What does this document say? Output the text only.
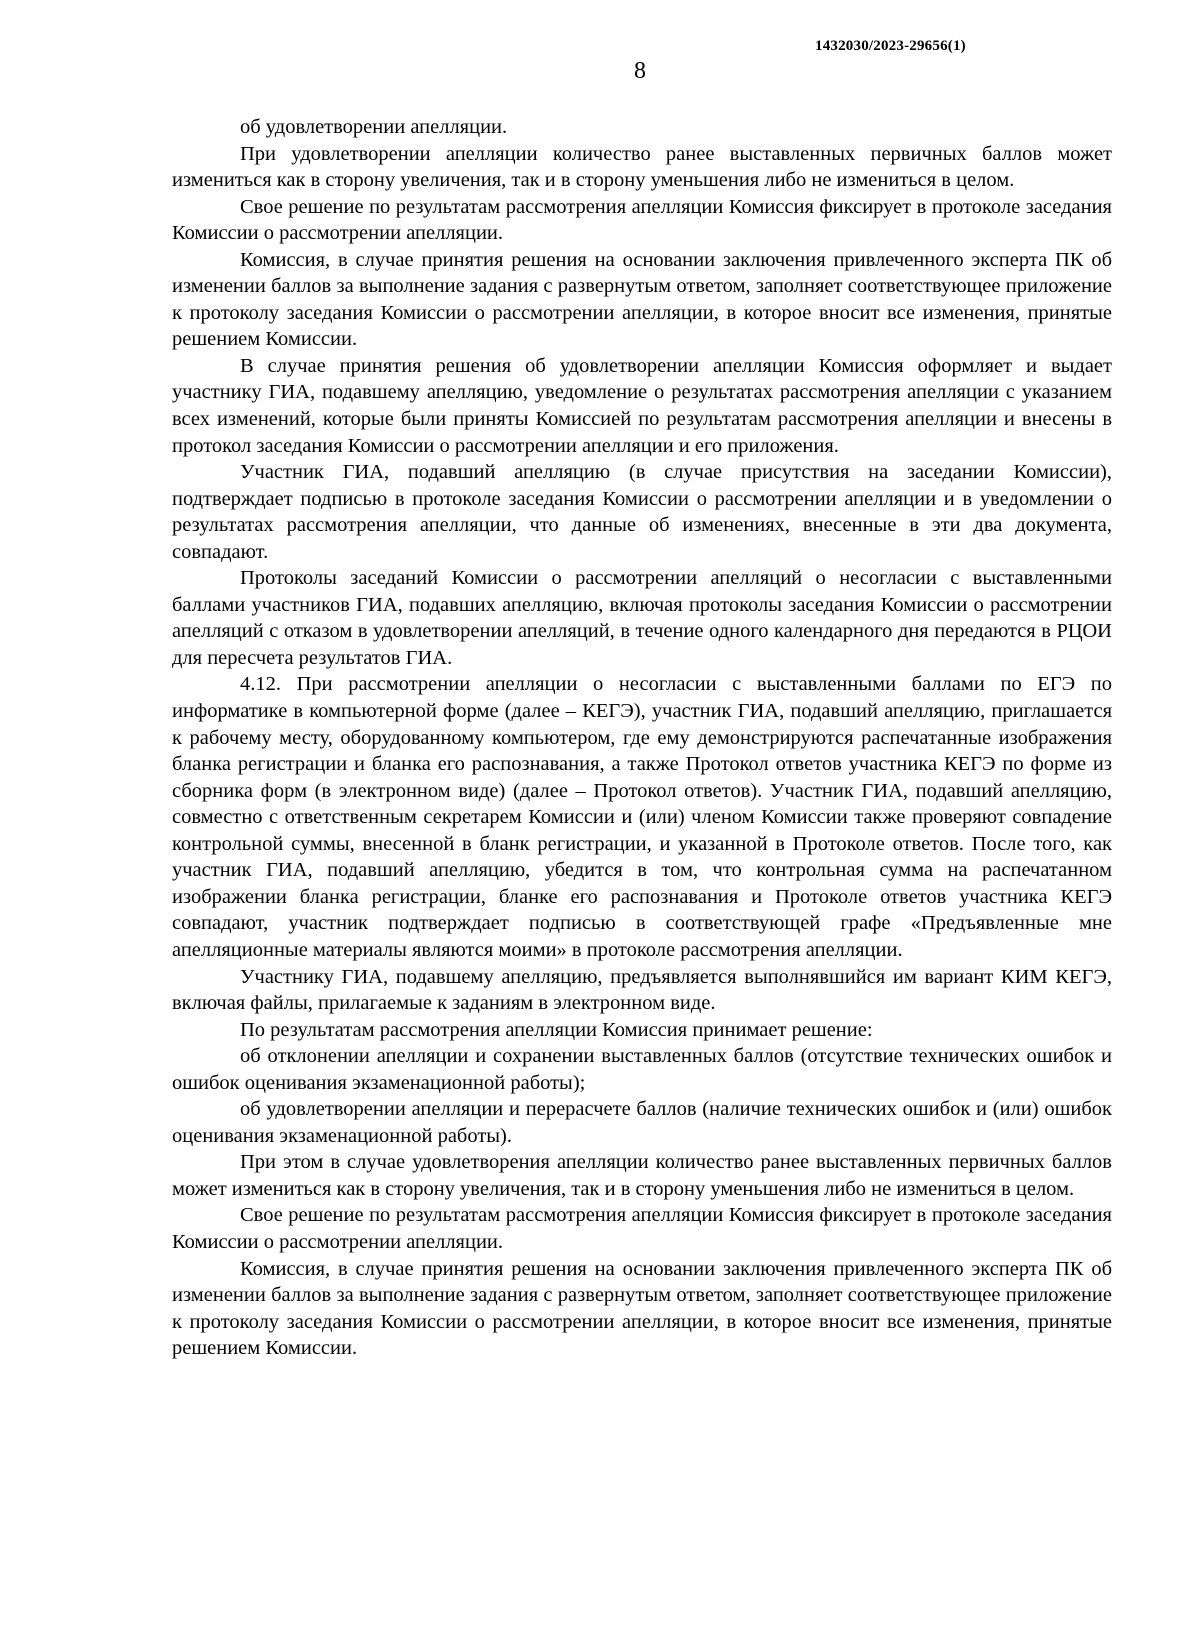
1432030/2023-29656(1)
8

об удовлетворении апелляции.

При удовлетворении апелляции количество ранее выставленных первичных баллов может измениться как в сторону увеличения, так и в сторону уменьшения либо не измениться в целом.

Свое решение по результатам рассмотрения апелляции Комиссия фиксирует в протоколе заседания Комиссии о рассмотрении апелляции.

Комиссия, в случае принятия решения на основании заключения привлеченного эксперта ПК об изменении баллов за выполнение задания с развернутым ответом, заполняет соответствующее приложение к протоколу заседания Комиссии о рассмотрении апелляции, в которое вносит все изменения, принятые решением Комиссии.

В случае принятия решения об удовлетворении апелляции Комиссия оформляет и выдает участнику ГИА, подавшему апелляцию, уведомление о результатах рассмотрения апелляции с указанием всех изменений, которые были приняты Комиссией по результатам рассмотрения апелляции и внесены в протокол заседания Комиссии о рассмотрении апелляции и его приложения.

Участник ГИА, подавший апелляцию (в случае присутствия на заседании Комиссии), подтверждает подписью в протоколе заседания Комиссии о рассмотрении апелляции и в уведомлении о результатах рассмотрения апелляции, что данные об изменениях, внесенные в эти два документа, совпадают.

Протоколы заседаний Комиссии о рассмотрении апелляций о несогласии с выставленными баллами участников ГИА, подавших апелляцию, включая протоколы заседания Комиссии о рассмотрении апелляций с отказом в удовлетворении апелляций, в течение одного календарного дня передаются в РЦОИ для пересчета результатов ГИА.

4.12. При рассмотрении апелляции о несогласии с выставленными баллами по ЕГЭ по информатике в компьютерной форме (далее – КЕГЭ), участник ГИА, подавший апелляцию, приглашается к рабочему месту, оборудованному компьютером, где ему демонстрируются распечатанные изображения бланка регистрации и бланка его распознавания, а также Протокол ответов участника КЕГЭ по форме из сборника форм (в электронном виде) (далее – Протокол ответов). Участник ГИА, подавший апелляцию, совместно с ответственным секретарем Комиссии и (или) членом Комиссии также проверяют совпадение контрольной суммы, внесенной в бланк регистрации, и указанной в Протоколе ответов. После того, как участник ГИА, подавший апелляцию, убедится в том, что контрольная сумма на распечатанном изображении бланка регистрации, бланке его распознавания и Протоколе ответов участника КЕГЭ совпадают, участник подтверждает подписью в соответствующей графе «Предъявленные мне апелляционные материалы являются моими» в протоколе рассмотрения апелляции.

Участнику ГИА, подавшему апелляцию, предъявляется выполнявшийся им вариант КИМ КЕГЭ, включая файлы, прилагаемые к заданиям в электронном виде.

По результатам рассмотрения апелляции Комиссия принимает решение:

об отклонении апелляции и сохранении выставленных баллов (отсутствие технических ошибок и ошибок оценивания экзаменационной работы);

об удовлетворении апелляции и перерасчете баллов (наличие технических ошибок и (или) ошибок оценивания экзаменационной работы).

При этом в случае удовлетворения апелляции количество ранее выставленных первичных баллов может измениться как в сторону увеличения, так и в сторону уменьшения либо не измениться в целом.

Свое решение по результатам рассмотрения апелляции Комиссия фиксирует в протоколе заседания Комиссии о рассмотрении апелляции.

Комиссия, в случае принятия решения на основании заключения привлеченного эксперта ПК об изменении баллов за выполнение задания с развернутым ответом, заполняет соответствующее приложение к протоколу заседания Комиссии о рассмотрении апелляции, в которое вносит все изменения, принятые решением Комиссии.
